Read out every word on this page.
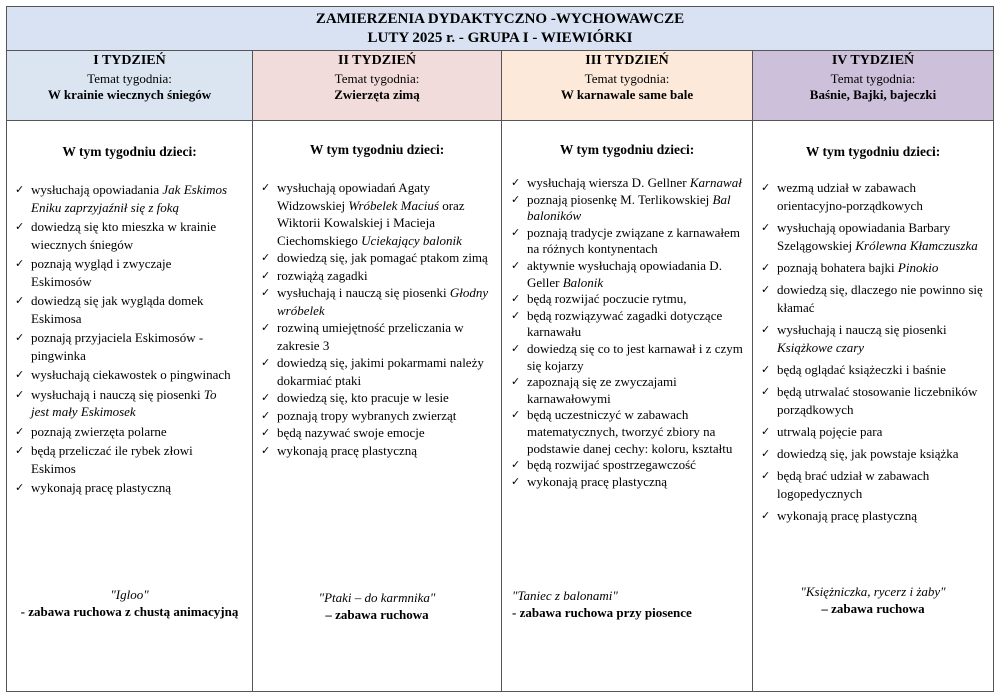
ZAMIERZENIA DYDAKTYCZNO -WYCHOWAWCZE
LUTY 2025 r. - GRUPA I - WIEWIÓRKI
I TYDZIEŃ
Temat tygodnia:
W krainie wiecznych śniegów
W tym tygodniu dzieci:
✓ wysłuchają opowiadania Jak Eskimos Eniku zaprzyjaźnił się z foką
✓ dowiedzą się kto mieszka w krainie wiecznych śniegów
✓ poznają wygląd i zwyczaje Eskimosów
✓ dowiedzą się jak wygląda domek Eskimosa
✓ poznają przyjaciela Eskimosów - pingwinka
✓ wysłuchają ciekawostek o pingwinach
✓ wysłuchają i nauczą się piosenki To jest mały Eskimosek
✓ poznają zwierzęta polarne
✓ będą przeliczać ile rybek złowi Eskimos
✓ wykonają pracę plastyczną
"Igloo"
- zabawa ruchowa z chustą animacyjną
II TYDZIEŃ
Temat tygodnia:
Zwierzęta zimą
W tym tygodniu dzieci:
✓ wysłuchają opowiadań Agaty Widzowskiej Wróbelek Maciuś oraz Wiktorii Kowalskiej i Macieja Ciechomskiego Uciekający balonik
✓ dowiedzą się, jak pomagać ptakom zimą
✓ rozwiążą zagadki
✓ wysłuchają i nauczą się piosenki Głodny wróbelek
✓ rozwiną umiejętność przeliczania w zakresie 3
✓ dowiedzą się, jakimi pokarmami należy dokarmiać ptaki
✓ dowiedzą się, kto pracuje w lesie
✓ poznają tropy wybranych zwierząt
✓ będą nazywać swoje emocje
✓ wykonają pracę plastyczną
"Ptaki – do karmnika"
– zabawa ruchowa
III TYDZIEŃ
Temat tygodnia:
W karnawale same bale
W tym tygodniu dzieci:
✓ wysłuchają wiersza D. Gellner Karnawał
✓ poznają piosenkę M. Terlikowskiej Bal baloników
✓ poznają tradycje związane z karnawałem na różnych kontynentach
✓ aktywnie wysłuchają opowiadania D. Geller Balonik
✓ będą rozwijać poczucie rytmu,
✓ będą rozwiązywać zagadki dotyczące karnawału
✓ dowiedzą się co to jest karnawał i z czym się kojarzy
✓ zapoznają się ze zwyczajami karnawałowymi
✓ będą uczestniczyć w zabawach matematycznych, tworzyć zbiory na podstawie danej cechy: koloru, kształtu
✓ będą rozwijać spostrzegawczość
✓ wykonają pracę plastyczną
"Taniec z balonami"
- zabawa ruchowa przy piosence
IV TYDZIEŃ
Temat tygodnia:
Baśnie, Bajki, bajeczki
W tym tygodniu dzieci:
✓ wezmą udział w zabawach orientacyjno-porządkowych
✓ wysłuchają opowiadania Barbary Szelągowskiej Królewna Kłamczuszka
✓ poznają bohatera bajki Pinokio
✓ dowiedzą się, dlaczego nie powinno się kłamać
✓ wysłuchają i nauczą się piosenki Książkowe czary
✓ będą oglądać książeczki i baśnie
✓ będą utrwalać stosowanie liczebników porządkowych
✓ utrwalą pojęcie para
✓ dowiedzą się, jak powstaje książka
✓ będą brać udział w zabawach logopedycznych
✓ wykonają pracę plastyczną
"Księżniczka, rycerz i żaby"
– zabawa ruchowa
